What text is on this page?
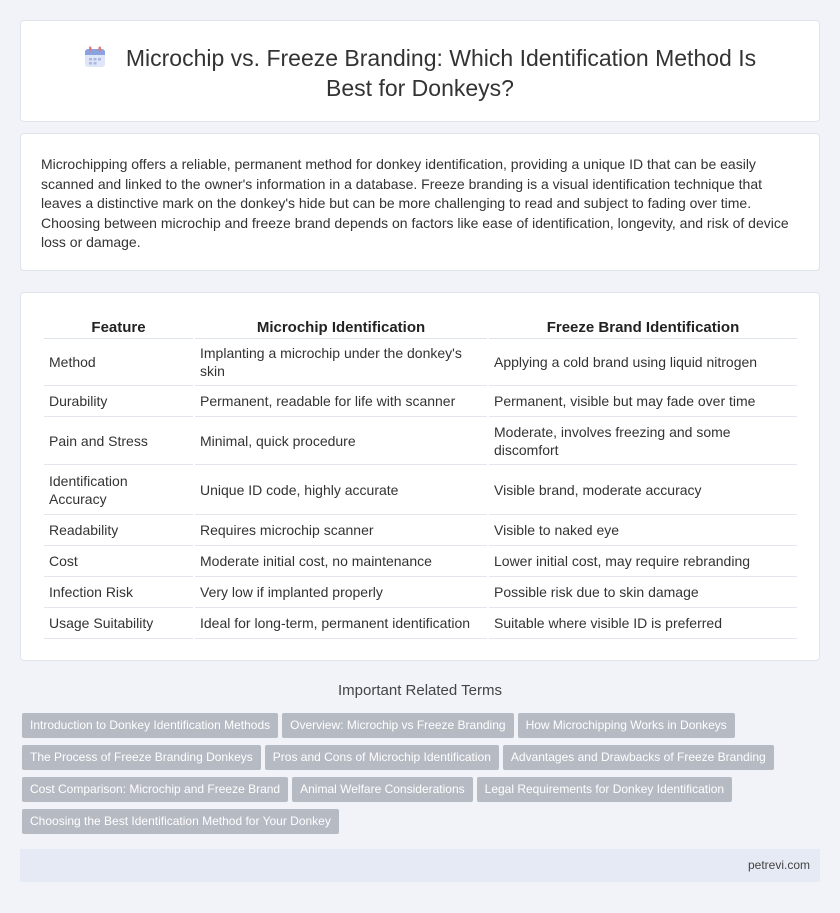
Microchip vs. Freeze Branding: Which Identification Method Is Best for Donkeys?

Microchipping offers a reliable, permanent method for donkey identification, providing a unique ID that can be easily scanned and linked to the owner's information in a database. Freeze branding is a visual identification technique that leaves a distinctive mark on the donkey's hide but can be more challenging to read and subject to fading over time. Choosing between microchip and freeze brand depends on factors like ease of identification, longevity, and risk of device loss or damage.

Feature	Microchip Identification	Freeze Brand Identification
Method	Implanting a microchip under the donkey's skin	Applying a cold brand using liquid nitrogen
Durability	Permanent, readable for life with scanner	Permanent, visible but may fade over time
Pain and Stress	Minimal, quick procedure	Moderate, involves freezing and some discomfort
Identification Accuracy	Unique ID code, highly accurate	Visible brand, moderate accuracy
Readability	Requires microchip scanner	Visible to naked eye
Cost	Moderate initial cost, no maintenance	Lower initial cost, may require rebranding
Infection Risk	Very low if implanted properly	Possible risk due to skin damage
Usage Suitability	Ideal for long-term, permanent identification	Suitable where visible ID is preferred
Important Related Terms
Introduction to Donkey Identification Methods Overview: Microchip vs Freeze Branding How Microchipping Works in DonkeysThe Process of Freeze Branding Donkeys Pros and Cons of Microchip Identification Advantages and Drawbacks of Freeze BrandingCost Comparison: Microchip and Freeze Brand Animal Welfare Considerations Legal Requirements for Donkey IdentificationChoosing the Best Identification Method for Your Donkey
petrevi.com
